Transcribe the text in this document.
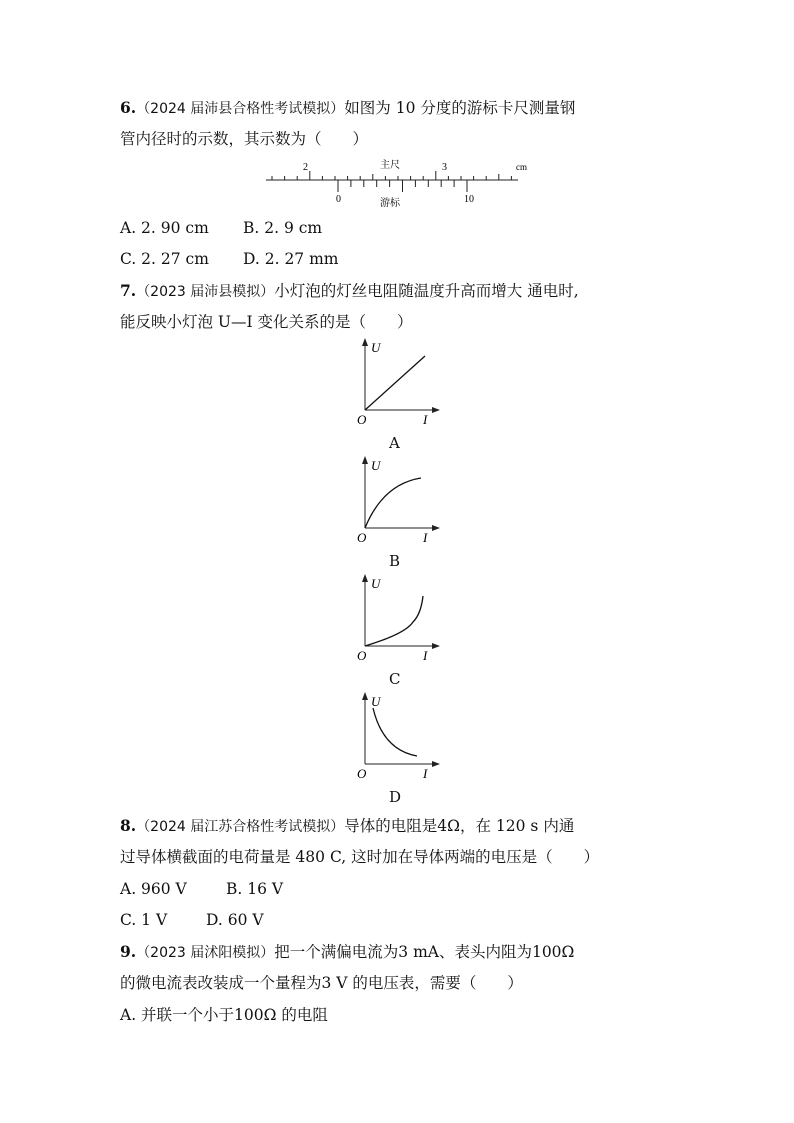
6.（2024 届沛县合格性考试模拟）如图为 10 分度的游标卡尺测量钢
管内径时的示数，其示数为（　　）
2	主尺	3	cm
0	游标	10
A. 2. 90 cm B. 2. 9 cm
C. 2. 27 cm D. 2. 27 mm
7.（2023 届沛县模拟）小灯泡的灯丝电阻随温度升高而增大 通电时,
能反映小灯泡 U—I 变化关系的是（　　）
U
I
O
A
U
I
O
B
U
I
O
C
U
I
O
D
8.（2024 届江苏合格性考试模拟）导体的电阻是4Ω，在 120 s 内通
过导体横截面的电荷量是 480 C, 这时加在导体两端的电压是（　　）
A. 960 V	B. 16 V
C. 1 V	D. 60 V
9.（2023 届沭阳模拟）把一个满偏电流为3 mA、表头内阻为100Ω
的微电流表改装成一个量程为3 V 的电压表，需要（　　）
A. 并联一个小于100Ω 的电阻
